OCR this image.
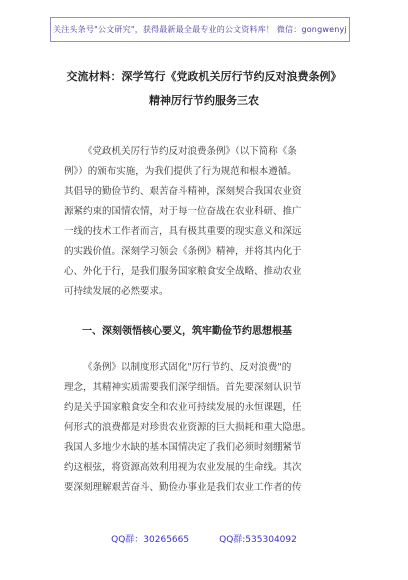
关注头条号"公文研究"，获得最新最全最专业的公文资料库！ 微信：gongwenyj
交流材料：深学笃行《党政机关厉行节约反对浪费条例》
精神厉行节约服务三农
《党政机关厉行节约反对浪费条例》（以下简称《条
例》）的颁布实施，为我们提供了行为规范和根本遵循。
其倡导的勤俭节约、艰苦奋斗精神，深刻契合我国农业资
源紧约束的国情农情，对于每一位奋战在农业科研、推广
一线的技术工作者而言，具有极其重要的现实意义和深远
的实践价值。深刻学习领会《条例》精神，并将其内化于
心、外化于行，是我们服务国家粮食安全战略、推动农业
可持续发展的必然要求。
一、深刻领悟核心要义，筑牢勤俭节约思想根基
《条例》以制度形式固化"厉行节约、反对浪费"的
理念，其精神实质需要我们深学细悟。首先要深刻认识节
约是关乎国家粮食安全和农业可持续发展的永恒课题，任
何形式的浪费都是对珍贵农业资源的巨大损耗和重大隐患。
我国人多地少水缺的基本国情决定了我们必须时刻绷紧节
约这根弦，将资源高效利用视为农业发展的生命线。其次
要深刻理解艰苦奋斗、勤俭办事业是我们农业工作者的传
QQ群：30265665	QQ群:535304092
